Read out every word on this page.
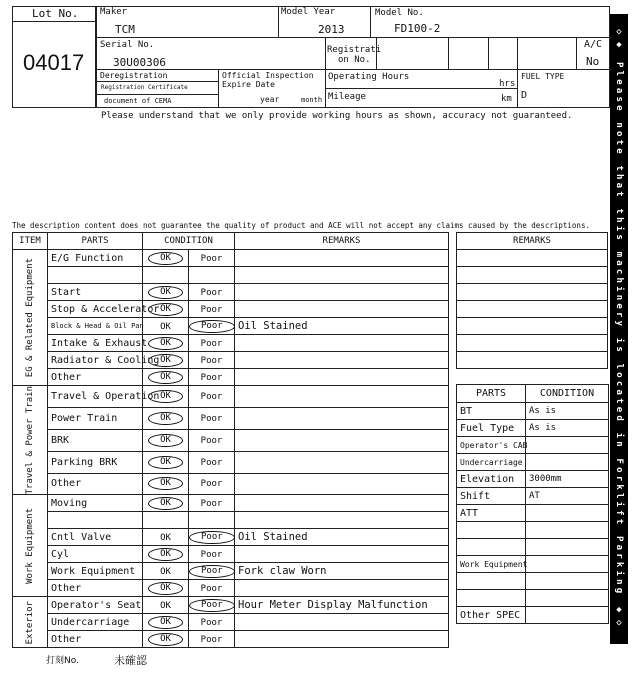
Lot No.
04017
Maker
TCM
Model Year
2013
Model No.
FD100-2
Serial No.
30U00306
Registrati
on No.
A/C
No
Deregistration
Registration Certificate
document of CEMA
Official Inspection
Expire Date
year	month
Operating Hours
hrs
Mileage	km
FUEL TYPE
D
Please understand that we only provide working hours as shown, accuracy not guaranteed.
The description content does not guarantee the quality of product and ACE will not accept any claims caused by the descriptions.
ITEM	PARTS	CONDITION		REMARKS

EG & Related Equipment	E/G Function	OK	Poor	

	Start	OK	Poor	
	Stop & Accelerator	OK	Poor	
	Block & Head & Oil Pan	OK	Poor	Oil Stained
	Intake & Exhaust	OK	Poor	
	Radiator & Cooling	OK	Poor	
	Other	OK	Poor	

Travel & Power Train	Travel & Operation	OK	Poor	
	Power Train	OK	Poor	
	BRK	OK	Poor	
	Parking BRK	OK	Poor	
	Other	OK	Poor	

Work Equipment	Moving	OK	Poor	

	Cntl Valve	OK	Poor	Oil Stained
	Cyl	OK	Poor	
	Work Equipment	OK	Poor	Fork claw Worn
	Other	OK	Poor	

Exterior	Operator's Seat	OK	Poor	Hour Meter Display Malfunction
	Undercarriage	OK	Poor	
	Other	OK	Poor	
REMARKS

PARTS	CONDITION
BT	As is
Fuel Type	As is
Operator's CAB	
Undercarriage	
Elevation	3000mm
Shift	AT
ATT	

Work Equipment	

Other SPEC		◇◆ Please note that this machinery is located in Forklift Parking ◆◇
打刻No.	未確認
